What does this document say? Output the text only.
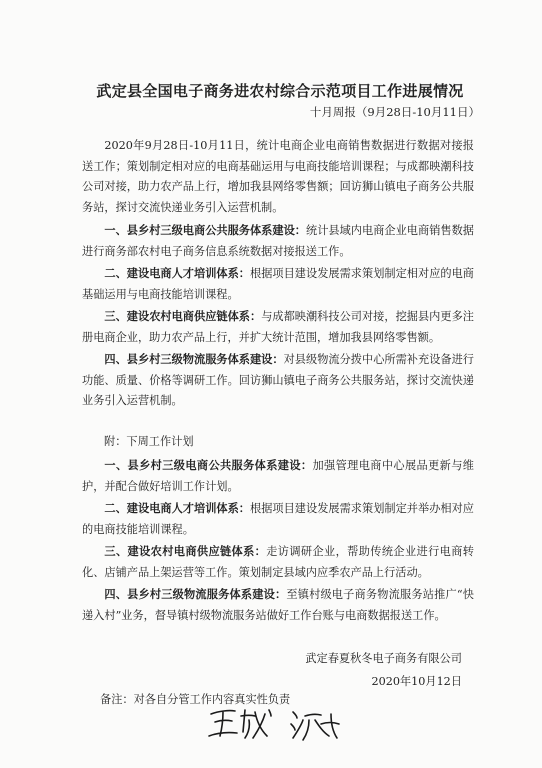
武定县全国电子商务进农村综合示范项目工作进展情况
十月周报（9月28日-10月11日）
2020年9月28日-10月11日，统计电商企业电商销售数据进行数据对接报送工作；策划制定相对应的电商基础运用与电商技能培训课程；与成都映潮科技公司对接，助力农产品上行，增加我县网络零售额；回访狮山镇电子商务公共服务站，探讨交流快递业务引入运营机制。
一、县乡村三级电商公共服务体系建设：统计县域内电商企业电商销售数据进行商务部农村电子商务信息系统数据对接报送工作。
二、建设电商人才培训体系：根据项目建设发展需求策划制定相对应的电商基础运用与电商技能培训课程。
三、建设农村电商供应链体系：与成都映潮科技公司对接，挖掘县内更多注册电商企业，助力农产品上行，并扩大统计范围，增加我县网络零售额。
四、县乡村三级物流服务体系建设：对县级物流分拨中心所需补充设备进行功能、质量、价格等调研工作。回访狮山镇电子商务公共服务站，探讨交流快递业务引入运营机制。
附：下周工作计划
一、县乡村三级电商公共服务体系建设：加强管理电商中心展品更新与维护，并配合做好培训工作计划。
二、建设电商人才培训体系：根据项目建设发展需求策划制定并举办相对应的电商技能培训课程。
三、建设农村电商供应链体系：走访调研企业，帮助传统企业进行电商转化、店铺产品上架运营等工作。策划制定县域内应季农产品上行活动。
四、县乡村三级物流服务体系建设：至镇村级电子商务物流服务站推广“快递入村”业务，督导镇村级物流服务站做好工作台账与电商数据报送工作。
武定春夏秋冬电子商务有限公司
2020年10月12日
备注：对各自分管工作内容真实性负责
